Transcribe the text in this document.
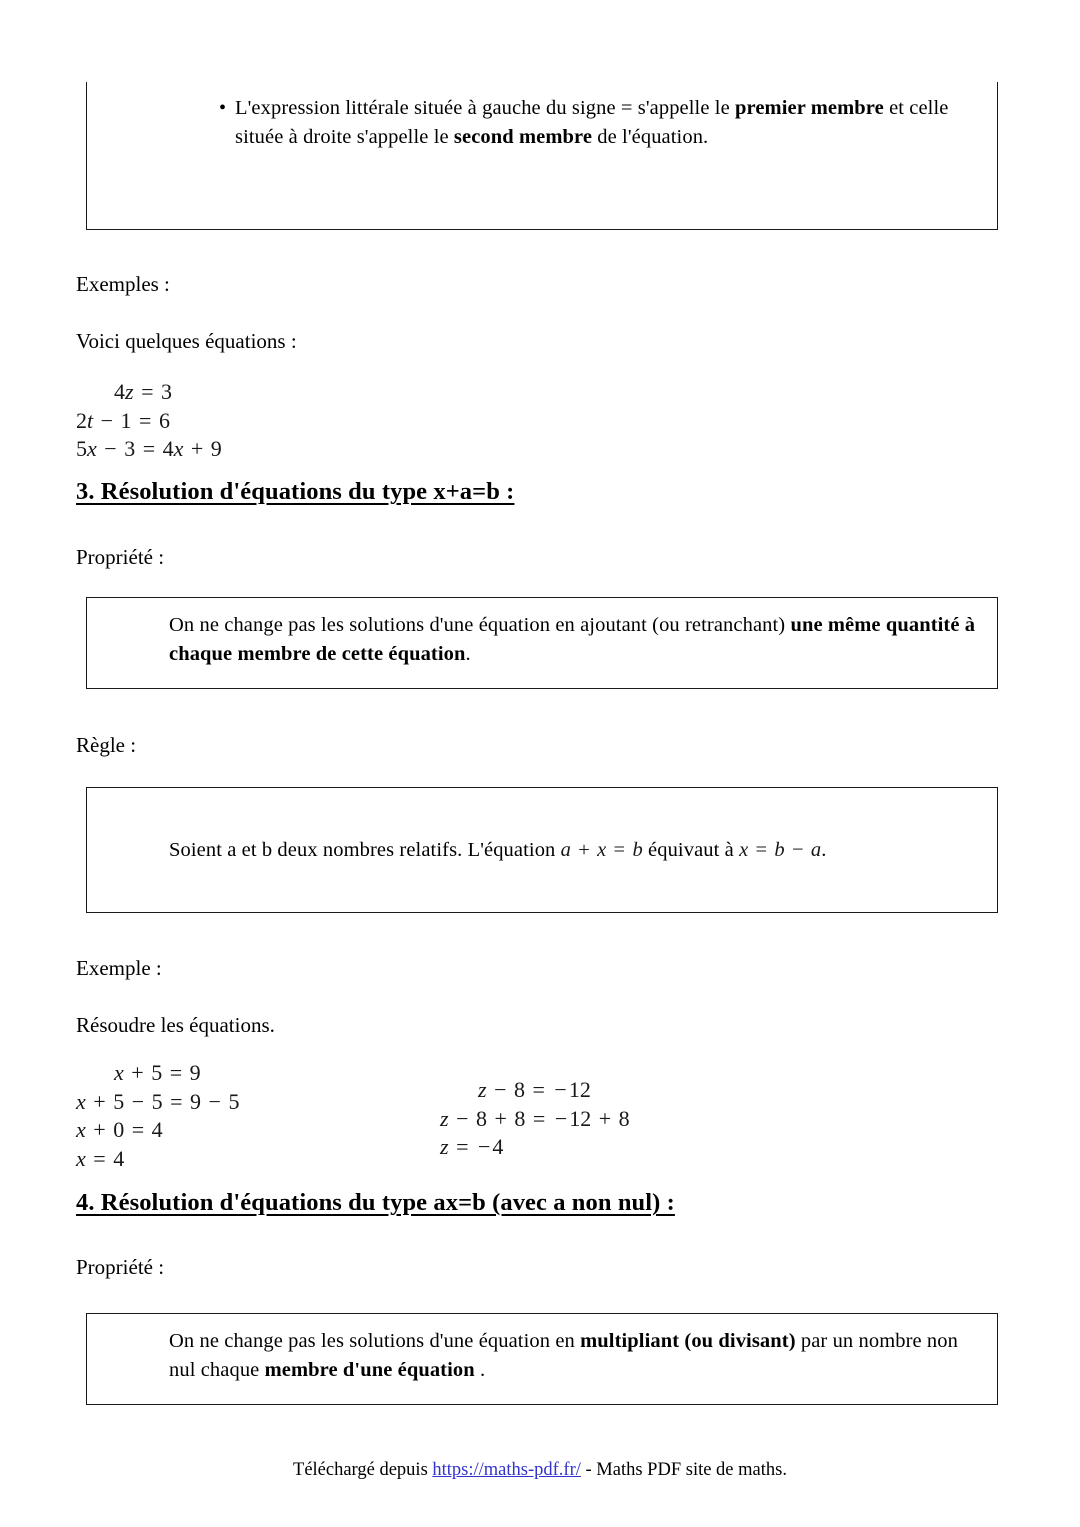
• L'expression littérale située à gauche du signe = s'appelle le premier membre et celle située à droite s'appelle le second membre de l'équation.
Exemples :
Voici quelques équations :
4z = 3
2t − 1 = 6
5x − 3 = 4x + 9
3. Résolution d'équations du type x+a=b :
Propriété :
On ne change pas les solutions d'une équation en ajoutant (ou retranchant) une même quantité à chaque membre de cette équation.
Règle :
Soient a et b deux nombres relatifs. L'équation a + x = b équivaut à x = b − a.
Exemple :
Résoudre les équations.
x + 5 = 9
x + 5 − 5 = 9 − 5
x + 0 = 4
x = 4
z − 8 = −12
z − 8 + 8 = −12 + 8
z = −4
4. Résolution d'équations du type ax=b (avec a non nul) :
Propriété :
On ne change pas les solutions d'une équation en multipliant (ou divisant) par un nombre non nul chaque membre d'une équation .
Téléchargé depuis https://maths-pdf.fr/ - Maths PDF site de maths.
